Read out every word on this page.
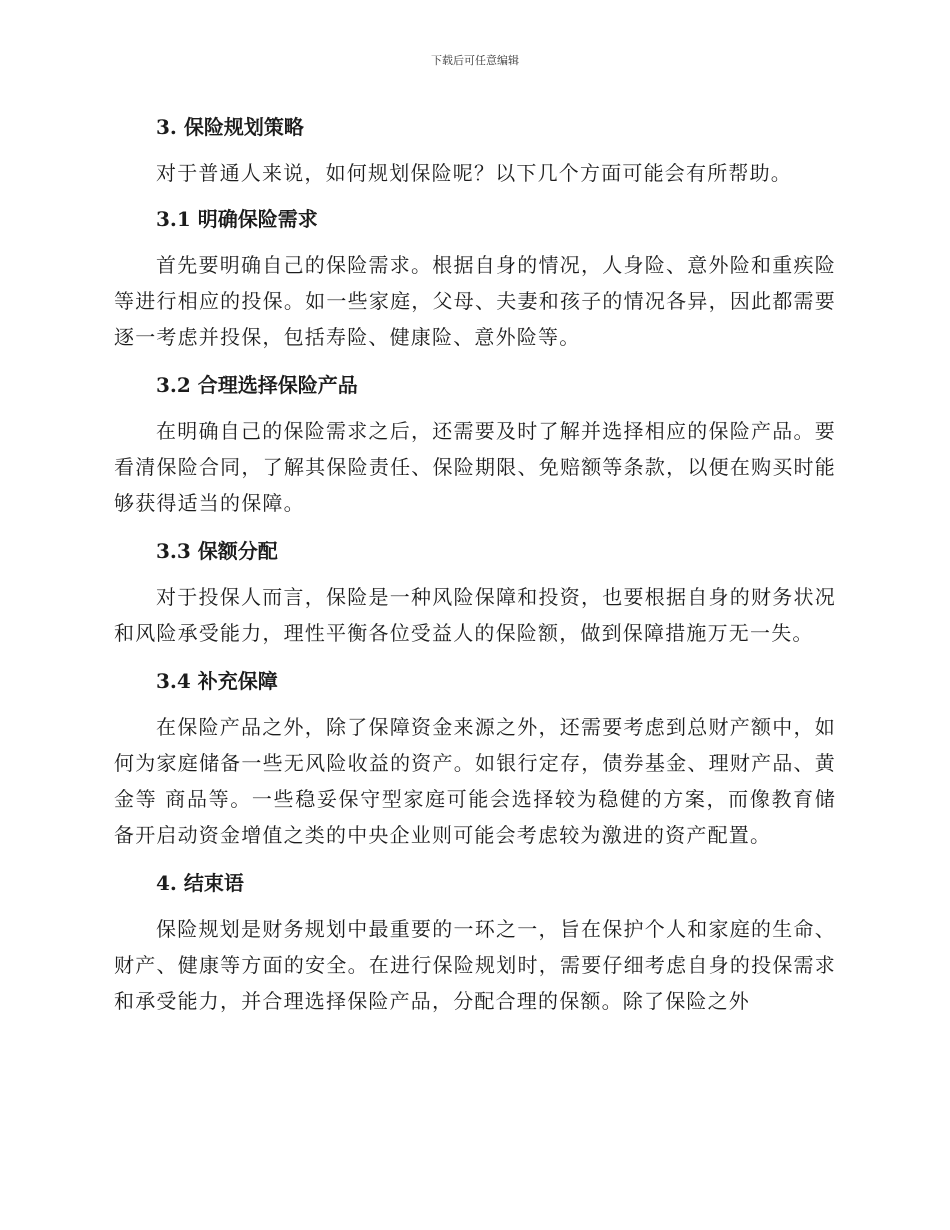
下载后可任意编辑
3. 保险规划策略

对于普通人来说，如何规划保险呢？以下几个方面可能会有所帮助。

3.1 明确保险需求

首先要明确自己的保险需求。根据自身的情况，人身险、意外险和重疾险等进行相应的投保。如一些家庭，父母、夫妻和孩子的情况各异，因此都需要逐一考虑并投保，包括寿险、健康险、意外险等。

3.2 合理选择保险产品

在明确自己的保险需求之后，还需要及时了解并选择相应的保险产品。要看清保险合同，了解其保险责任、保险期限、免赔额等条款，以便在购买时能够获得适当的保障。

3.3 保额分配

对于投保人而言，保险是一种风险保障和投资，也要根据自身的财务状况和风险承受能力，理性平衡各位受益人的保险额，做到保障措施万无一失。

3.4 补充保障

在保险产品之外，除了保障资金来源之外，还需要考虑到总财产额中，如何为家庭储备一些无风险收益的资产。如银行定存，债券基金、理财产品、黄金等 商品等。一些稳妥保守型家庭可能会选择较为稳健的方案，而像教育储备开启动资金增值之类的中央企业则可能会考虑较为激进的资产配置。

4. 结束语

保险规划是财务规划中最重要的一环之一，旨在保护个人和家庭的生命、财产、健康等方面的安全。在进行保险规划时，需要仔细考虑自身的投保需求和承受能力，并合理选择保险产品，分配合理的保额。除了保险之外
